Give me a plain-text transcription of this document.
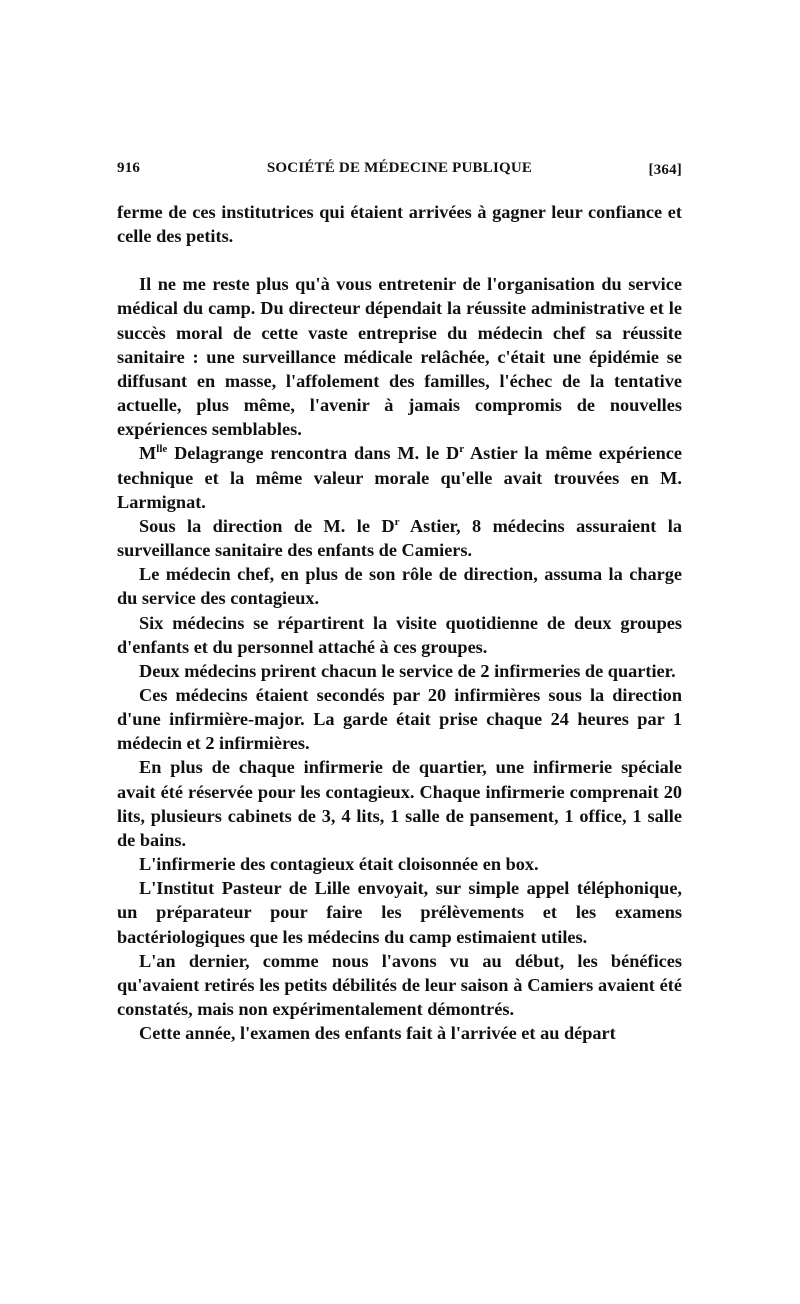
916	SOCIÉTÉ DE MÉDECINE PUBLIQUE	[364]

ferme de ces institutrices qui étaient arrivées à gagner leur confiance et celle des petits.

Il ne me reste plus qu'à vous entretenir de l'organisation du service médical du camp. Du directeur dépendait la réussite administrative et le succès moral de cette vaste entreprise du médecin chef sa réussite sanitaire : une surveillance médicale relâchée, c'était une épidémie se diffusant en masse, l'affolement des familles, l'échec de la tentative actuelle, plus même, l'avenir à jamais compromis de nouvelles expériences semblables.

$M^{lle}$ Delagrange rencontra dans M. le $D^r$ Astier la même expérience technique et la même valeur morale qu'elle avait trouvées en M. Larmignat.

Sous la direction de M. le $D^r$ Astier, 8 médecins assuraient la surveillance sanitaire des enfants de Camiers.

Le médecin chef, en plus de son rôle de direction, assuma la charge du service des contagieux.

Six médecins se répartirent la visite quotidienne de deux groupes d'enfants et du personnel attaché à ces groupes.

Deux médecins prirent chacun le service de 2 infirmeries de quartier.

Ces médecins étaient secondés par 20 infirmières sous la direction d'une infirmière-major. La garde était prise chaque 24 heures par 1 médecin et 2 infirmières.

En plus de chaque infirmerie de quartier, une infirmerie spéciale avait été réservée pour les contagieux. Chaque infirmerie comprenait 20 lits, plusieurs cabinets de 3, 4 lits, 1 salle de pansement, 1 office, 1 salle de bains.

L'infirmerie des contagieux était cloisonnée en box.

L'Institut Pasteur de Lille envoyait, sur simple appel téléphonique, un préparateur pour faire les prélèvements et les examens bactériologiques que les médecins du camp estimaient utiles.

L'an dernier, comme nous l'avons vu au début, les bénéfices qu'avaient retirés les petits débilités de leur saison à Camiers avaient été constatés, mais non expérimentalement démontrés.

Cette année, l'examen des enfants fait à l'arrivée et au départ
